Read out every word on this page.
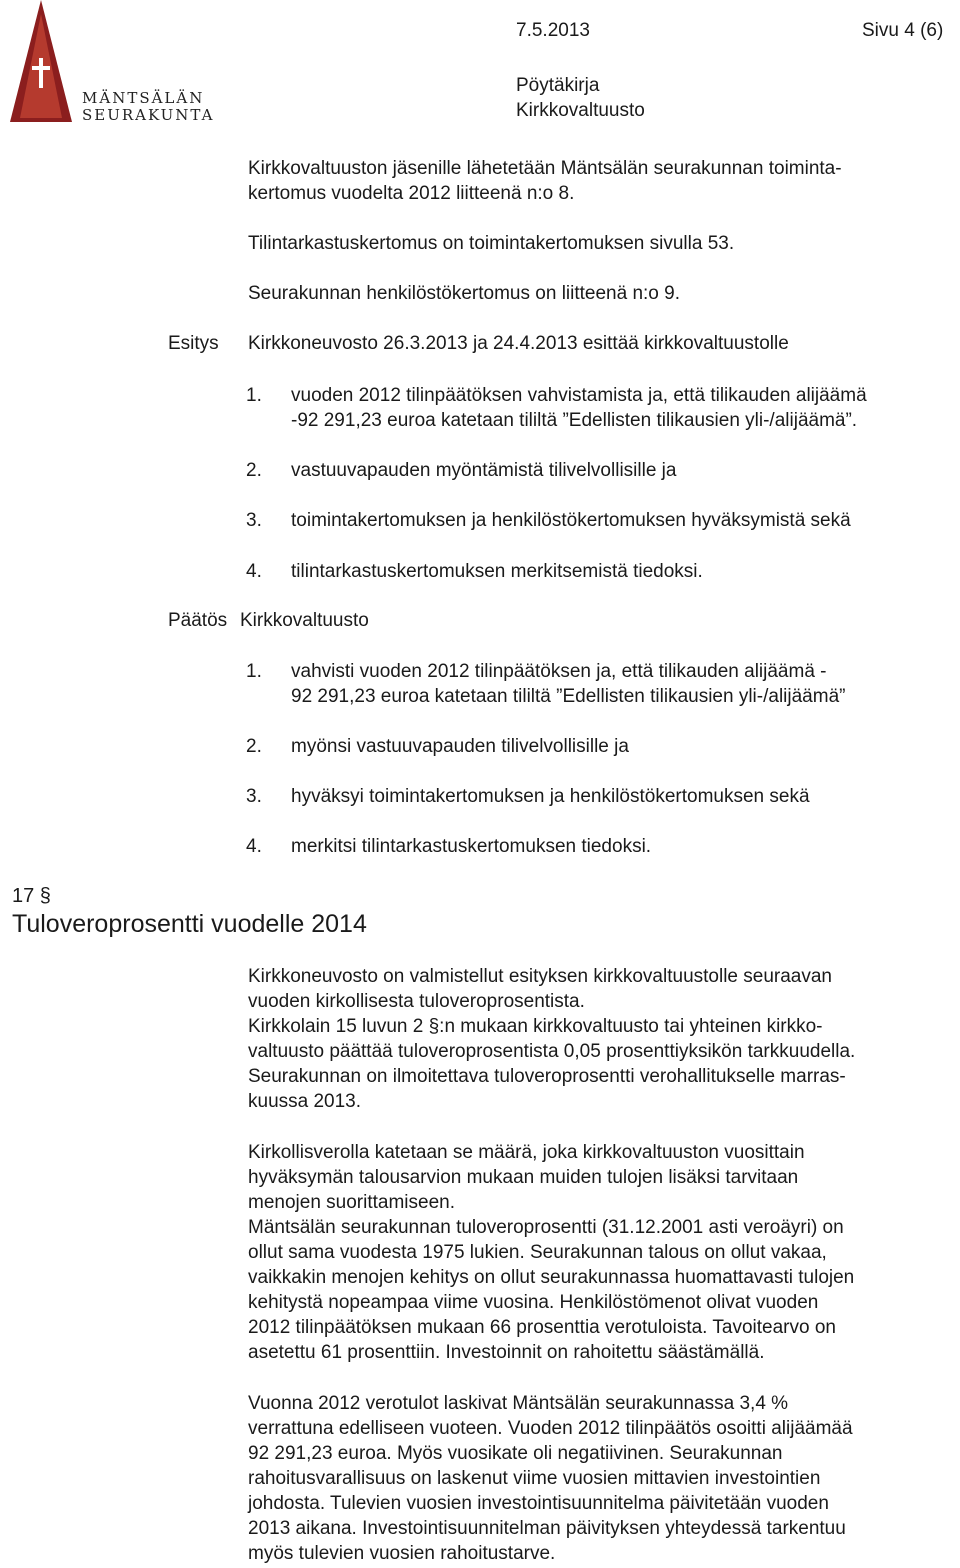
MÄNTSÄLÄN
SEURAKUNTA
7.5.2013	Sivu 4 (6)
Pöytäkirja
Kirkkovaltuusto
Kirkkovaltuuston jäsenille lähetetään Mäntsälän seurakunnan toiminta-
kertomus vuodelta 2012 liitteenä n:o 8.
Tilintarkastuskertomus on toimintakertomuksen sivulla 53.
Seurakunnan henkilöstökertomus on liitteenä n:o 9.
Esitys Kirkkoneuvosto 26.3.2013 ja 24.4.2013 esittää kirkkovaltuustolle
1.	vuoden 2012 tilinpäätöksen vahvistamista ja, että tilikauden alijäämä
-92 291,23 euroa katetaan tililtä ”Edellisten tilikausien yli-/alijäämä”.
2.	vastuuvapauden myöntämistä tilivelvollisille ja
3.	toimintakertomuksen ja henkilöstökertomuksen hyväksymistä sekä
4.	tilintarkastuskertomuksen merkitsemistä tiedoksi.
Päätös Kirkkovaltuusto
1.	vahvisti vuoden 2012 tilinpäätöksen ja, että tilikauden alijäämä -
92 291,23 euroa katetaan tililtä ”Edellisten tilikausien yli-/alijäämä”
2.	myönsi vastuuvapauden tilivelvollisille ja
3.	hyväksyi toimintakertomuksen ja henkilöstökertomuksen sekä
4.	merkitsi tilintarkastuskertomuksen tiedoksi.
17 §
Tuloveroprosentti vuodelle 2014
Kirkkoneuvosto on valmistellut esityksen kirkkovaltuustolle seuraavan
vuoden kirkollisesta tuloveroprosentista.
Kirkkolain 15 luvun 2 §:n mukaan kirkkovaltuusto tai yhteinen kirkko-
valtuusto päättää tuloveroprosentista 0,05 prosenttiyksikön tarkkuudella.
Seurakunnan on ilmoitettava tuloveroprosentti verohallitukselle marras-
kuussa 2013.
Kirkollisverolla katetaan se määrä, joka kirkkovaltuuston vuosittain
hyväksymän talousarvion mukaan muiden tulojen lisäksi tarvitaan
menojen suorittamiseen.
Mäntsälän seurakunnan tuloveroprosentti (31.12.2001 asti veroäyri) on
ollut sama vuodesta 1975 lukien. Seurakunnan talous on ollut vakaa,
vaikkakin menojen kehitys on ollut seurakunnassa huomattavasti tulojen
kehitystä nopeampaa viime vuosina. Henkilöstömenot olivat vuoden
2012 tilinpäätöksen mukaan 66 prosenttia verotuloista. Tavoitearvo on
asetettu 61 prosenttiin. Investoinnit on rahoitettu säästämällä.
Vuonna 2012 verotulot laskivat Mäntsälän seurakunnassa 3,4 %
verrattuna edelliseen vuoteen. Vuoden 2012 tilinpäätös osoitti alijäämää
92 291,23 euroa. Myös vuosikate oli negatiivinen. Seurakunnan
rahoitusvarallisuus on laskenut viime vuosien mittavien investointien
johdosta. Tulevien vuosien investointisuunnitelma päivitetään vuoden
2013 aikana. Investointisuunnitelman päivityksen yhteydessä tarkentuu
myös tulevien vuosien rahoitustarve.
